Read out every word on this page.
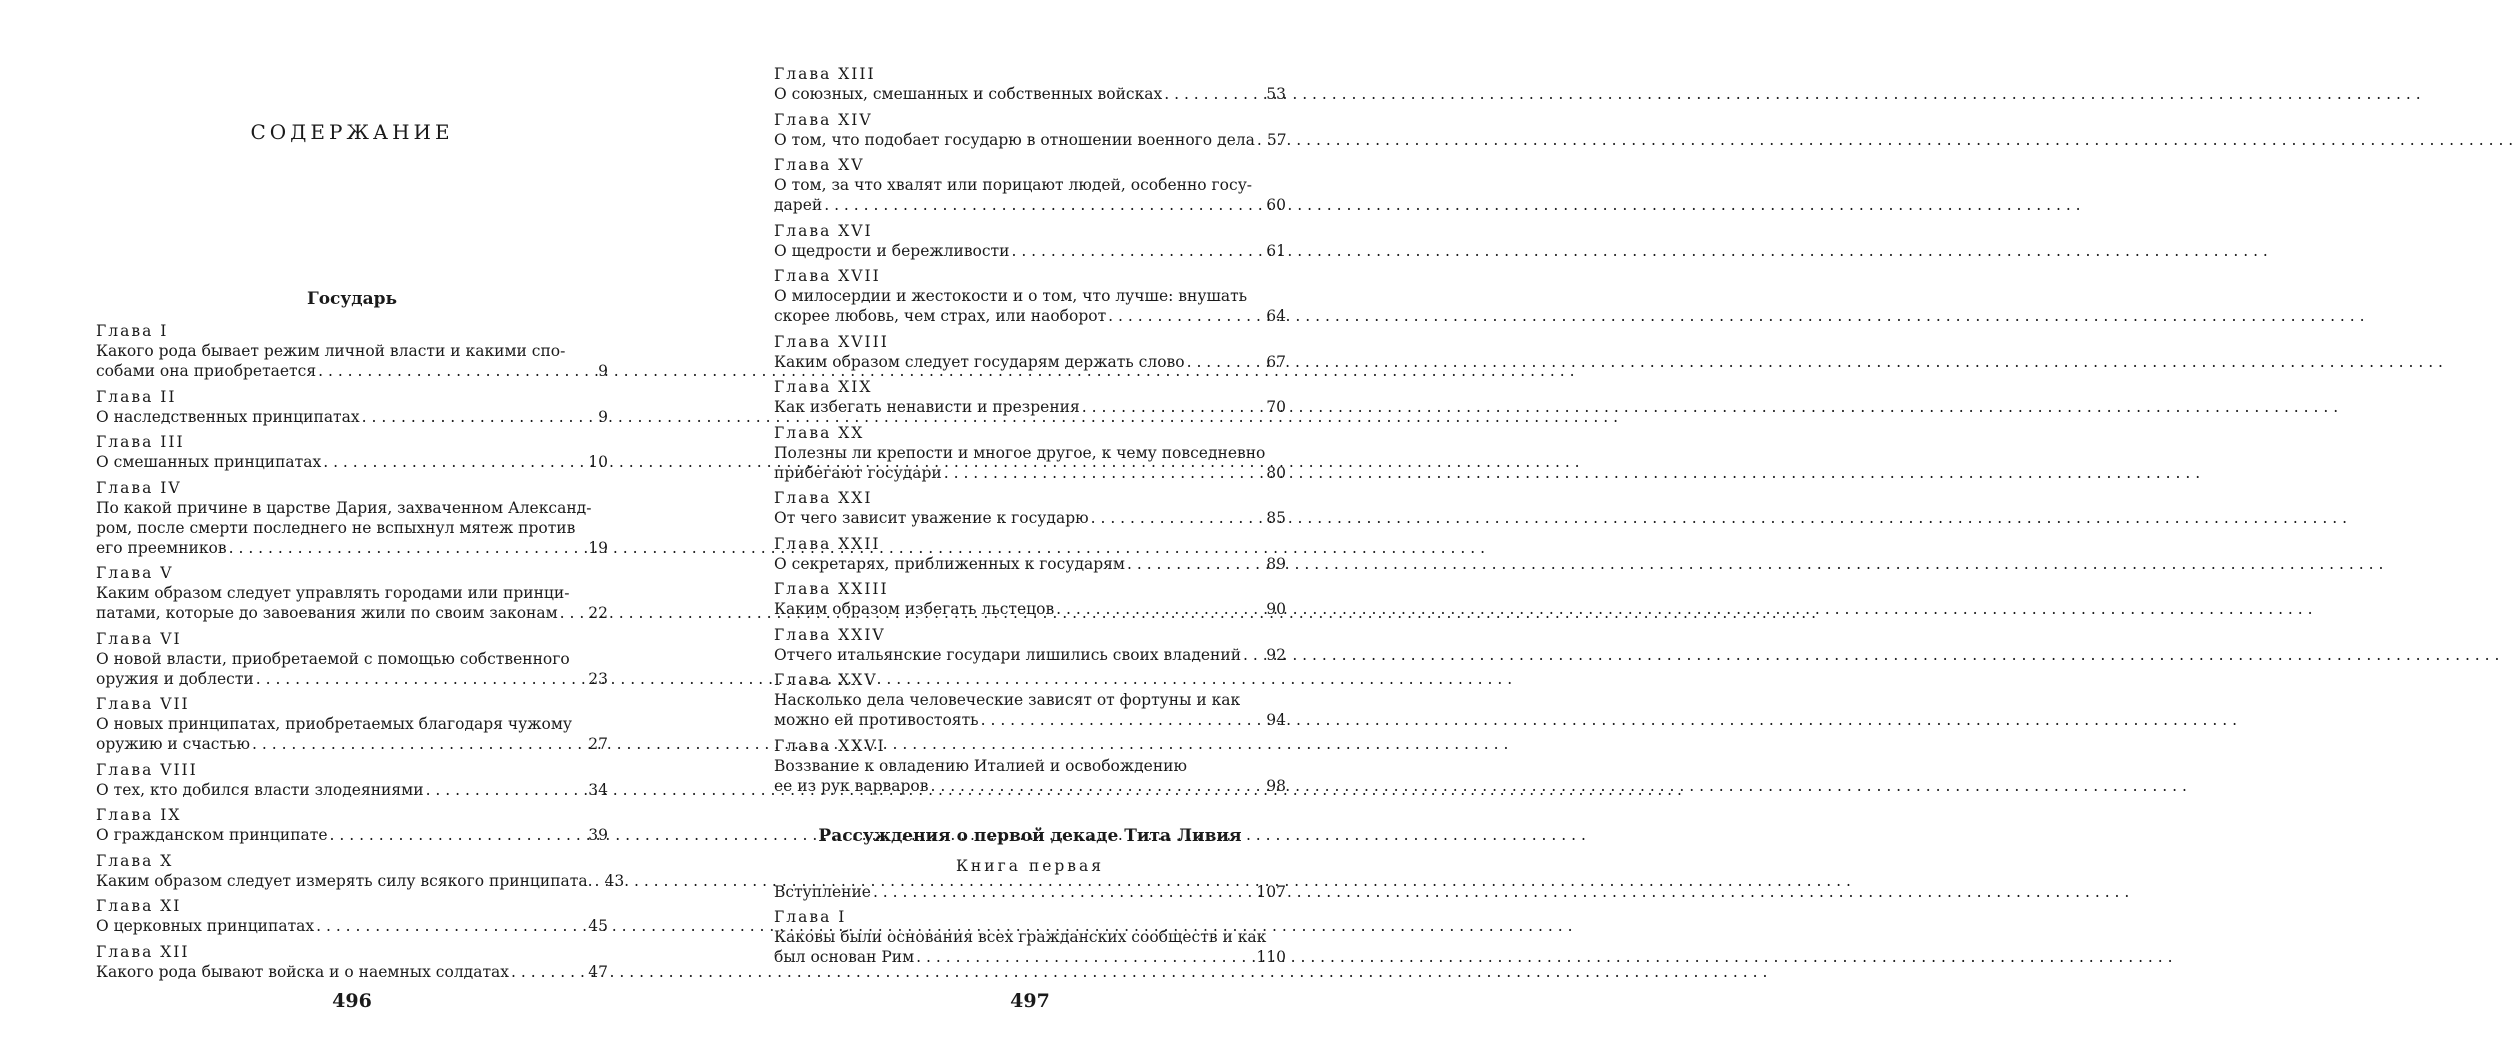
СОДЕРЖАНИЕ
Государь
Глава I
Какого рода бывает режим личной власти и какими спо-
собами она приобретается . . .	9
Глава II
О наследственных принципатах . . .	9
Глава III
О смешанных принципатах . . .	10
Глава IV
По какой причине в царстве Дария, захваченном Александ-
ром, после смерти последнего не вспыхнул мятеж против
его преемников . . .	19
Глава V
Каким образом следует управлять городами или принци-
патами, которые до завоевания жили по своим законам . . . 22
Глава VI
О новой власти, приобретаемой с помощью собственного
оружия и доблести . . .	23
Глава VII
О новых принципатах, приобретаемых благодаря чужому
оружию и счастью . . .	27
Глава VIII
О тех, кто добился власти злодеяниями . . .	34
Глава IX
О гражданском принципате . . .	39
Глава X
Каким образом следует измерять силу всякого принципата. . . . 43
Глава XI
О церковных принципатах . . .	45
Глава XII
Какого рода бывают войска и о наемных солдатах . . .	47
496
Глава XIII
О союзных, смешанных и собственных войсках . . .	53
Глава XIV
О том, что подобает государю в отношении военного дела . . . 57
Глава XV
О том, за что хвалят или порицают людей, особенно госу-
дарей . . .	60
Глава XVI
О щедрости и бережливости . . .	61
Глава XVII
О милосердии и жестокости и о том, что лучше: внушать
скорее любовь, чем страх, или наоборот . . .	64
Глава XVIII
Каким образом следует государям держать слово . . .	67
Глава XIX
Как избегать ненависти и презрения . . .	70
Глава XX
Полезны ли крепости и многое другое, к чему повседневно
прибегают государи . . .	80
Глава XXI
От чего зависит уважение к государю . . .	85
Глава XXII
О секретарях, приближенных к государям . . .	89
Глава XXIII
Каким образом избегать льстецов . . .	90
Глава XXIV
Отчего итальянские государи лишились своих владений . . . 92
Глава XXV
Насколько дела человеческие зависят от фортуны и как
можно ей противостоять . . .	94
Глава XXVI
Воззвание к овладению Италией и освобождению
ее из рук варваров . . .	98
Рассуждения о первой декаде Тита Ливия
Книга первая
Вступление . . .	107
Глава I
Каковы были основания всех гражданских сообществ и как
был основан Рим . . .	110
497
